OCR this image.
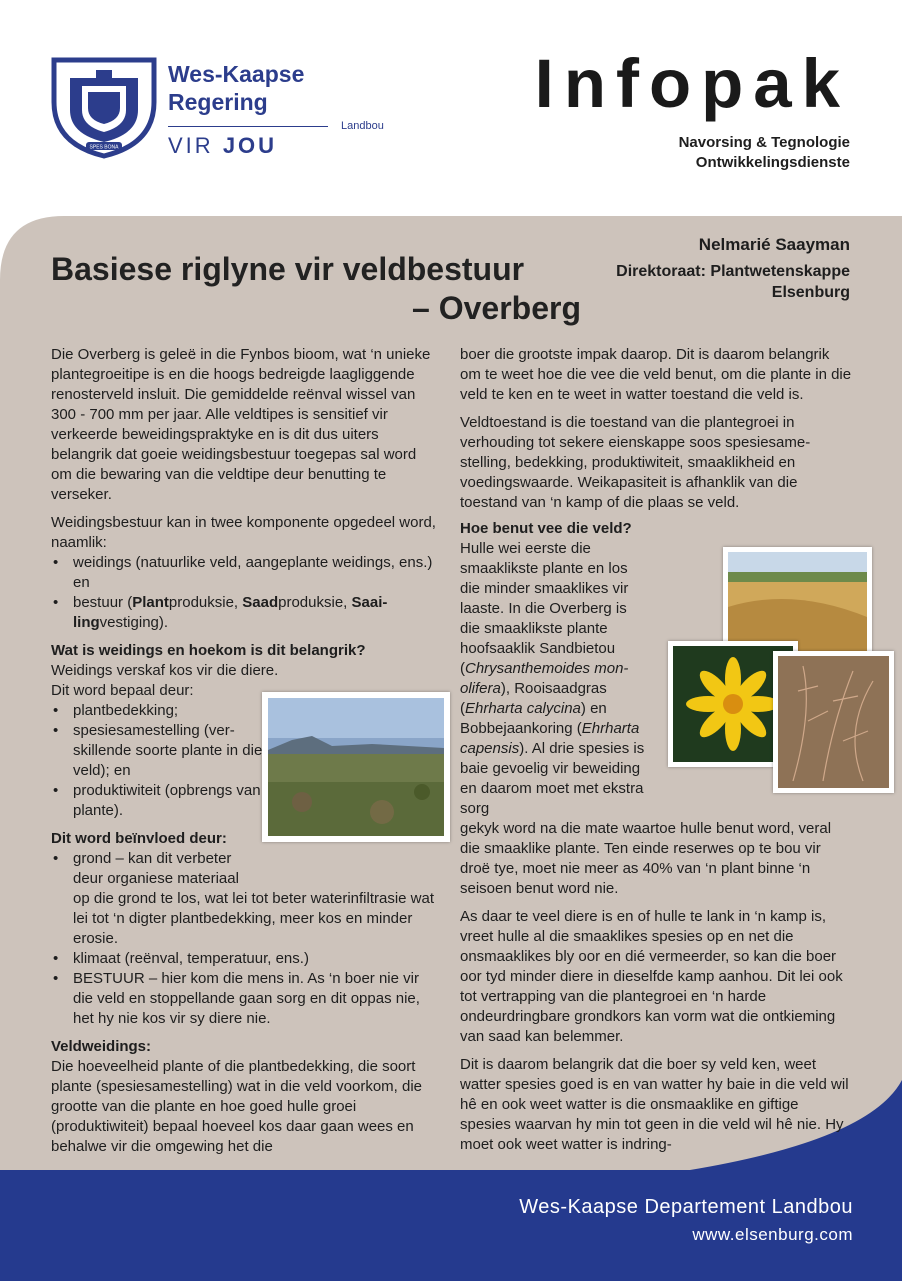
SPES BONA
Wes-Kaapse
Regering
Landbou
VIR JOU
Infopak
Navorsing & Tegnologie
Ontwikkelingsdienste
Basiese riglyne vir veldbestuur
– Overberg
Nelmarié Saayman
Direktoraat: Plantwetenskappe
Elsenburg

Die Overberg is geleë in die Fynbos bioom, wat ‘n unieke plantegroeitipe is en die hoogs bedreigde laagliggende renosterveld insluit. Die gemiddelde reënval wissel van 300 - 700 mm per jaar. Alle veldtipes is sensitief vir verkeerde beweidingspraktyke en is dit dus uiters belangrik dat goeie weidingsbestuur toegepas sal word om die bewaring van die veldtipe deur benutting te verseker.

Weidingsbestuur kan in twee komponente opgedeel word, naamlik:

• weidings (natuurlike veld, aangeplante weidings, ens.) en
• bestuur (Plantproduksie, Saadproduksie, Saailingvestiging).
Wat is weidings en hoekom is dit belangrik?
Weidings verskaf kos vir die diere.
Dit word bepaal deur:
• plantbedekking;
• spesiesamestelling (verskillende soorte plante in die veld); en
• produktiwiteit (opbrengs van plante).
Dit word beïnvloed deur:
• grond – kan dit verbeter deur organiese materiaal
op die grond te los, wat lei tot beter waterinfiltrasie wat lei tot ‘n digter plantbedekking, meer kos en minder erosie.
• klimaat (reënval, temperatuur, ens.)
• BESTUUR – hier kom die mens in. As ‘n boer nie vir die veld en stoppellande gaan sorg en dit oppas nie, het hy nie kos vir sy diere nie.
Veldweidings:
Die hoeveelheid plante of die plantbedekking, die soort plante (spesiesamestelling) wat in die veld voorkom, die grootte van die plante en hoe goed hulle groei (produktiwiteit) bepaal hoeveel kos daar gaan wees en behalwe vir die omgewing het die

boer die grootste impak daarop. Dit is daarom belangrik om te weet hoe die vee die veld benut, om die plante in die veld te ken en te weet in watter toestand die veld is.

Veldtoestand is die toestand van die plantegroei in verhouding tot sekere eienskappe soos spesiesamestelling, bedekking, produktiwiteit, smaaklikheid en voedingswaarde. Weikapasiteit is afhanklik van die toestand van ‘n kamp of die plaas se veld.

Hoe benut vee die veld?
Hulle wei eerste die smaaklikste plante en los die minder smaaklikes vir laaste. In die Overberg is die smaaklikste plante hoofsaaklik Sandbietou (Chrysanthemoides monolifera), Rooisaadgras (Ehrharta calycina) en Bobbejaankoring (Ehrharta capensis). Al drie spesies is baie gevoelig vir beweiding en daarom moet met ekstra sorg

gekyk word na die mate waartoe hulle benut word, veral die smaaklike plante. Ten einde reserwes op te bou vir droë tye, moet nie meer as 40% van ‘n plant binne ‘n seisoen benut word nie.

As daar te veel diere is en of hulle te lank in ‘n kamp is, vreet hulle al die smaaklikes spesies op en net die onsmaaklikes bly oor en dié vermeerder, so kan die boer oor tyd minder diere in dieselfde kamp aanhou. Dit lei ook tot vertrapping van die plantegroei en ‘n harde ondeurdringbare grondkors kan vorm wat die ontkieming van saad kan belemmer.

Dit is daarom belangrik dat die boer sy veld ken, weet watter spesies goed is en van watter hy baie in die veld wil hê en ook weet watter is die onsmaaklike en giftige spesies waarvan hy min tot geen in die veld wil hê nie. Hy moet ook weet watter is indring-

Wes-Kaapse Departement Landbou
www.elsenburg.com
